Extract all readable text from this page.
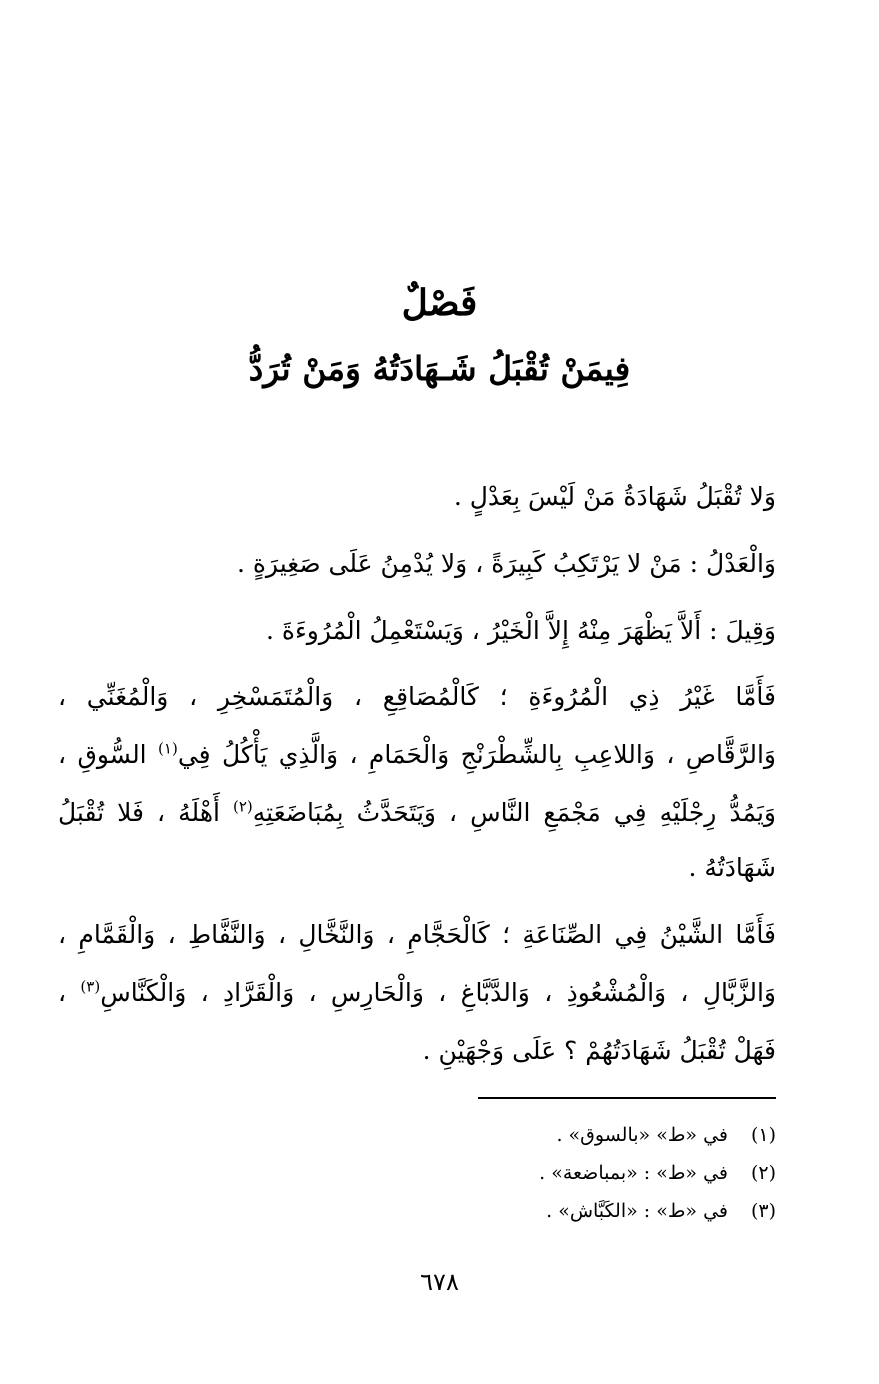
فَصْلٌ
فِيمَنْ تُقْبَلُ شَـهَادَتُهُ وَمَنْ تُرَدُّ
وَلا تُقْبَلُ شَهَادَةُ مَنْ لَيْسَ بِعَدْلٍ .
وَالْعَدْلُ : مَنْ لا يَرْتَكِبُ كَبِيرَةً ، وَلا يُدْمِنُ عَلَى صَغِيرَةٍ .
وَقِيلَ : أَلاَّ يَظْهَرَ مِنْهُ إِلاَّ الْخَيْرُ ، وَيَسْتَعْمِلُ الْمُرُوءَةَ .
فَأَمَّا غَيْرُ ذِي الْمُرُوءَةِ ؛ كَالْمُصَاقِعِ ، وَالْمُتَمَسْخِرِ ، وَالْمُغَنِّي ،
وَالرَّقَّاصِ ، وَاللاعِبِ بِالشِّطْرَنْجِ وَالْحَمَامِ ، وَالَّذِي يَأْكُلُ فِي$^{(١)}$ السُّوقِ ،
وَيَمُدُّ رِجْلَيْهِ فِي مَجْمَعِ النَّاسِ ، وَيَتَحَدَّثُ بِمُبَاضَعَتِهِ$^{(٢)}$ أَهْلَهُ ، فَلا تُقْبَلُ
شَهَادَتُهُ .
فَأَمَّا الشَّيْنُ فِي الصِّنَاعَةِ ؛ كَالْحَجَّامِ ، وَالنَّخَّالِ ، وَالنَّفَّاطِ ، وَالْقَمَّامِ ،
وَالزَّبَّالِ ، وَالْمُشْعُوذِ ، وَالدَّبَّاغِ ، وَالْحَارِسِ ، وَالْقَرَّادِ ، وَالْكَنَّاسِ$^{(٣)}$ ،
فَهَلْ تُقْبَلُ شَهَادَتُهُمْ ؟ عَلَى وَجْهَيْنِ .
(١)في «ط» «بالسوق» .
(٢)في «ط» : «بمباضعة» .
(٣)في «ط» : «الكَبَّاش» .
٦٧٨
